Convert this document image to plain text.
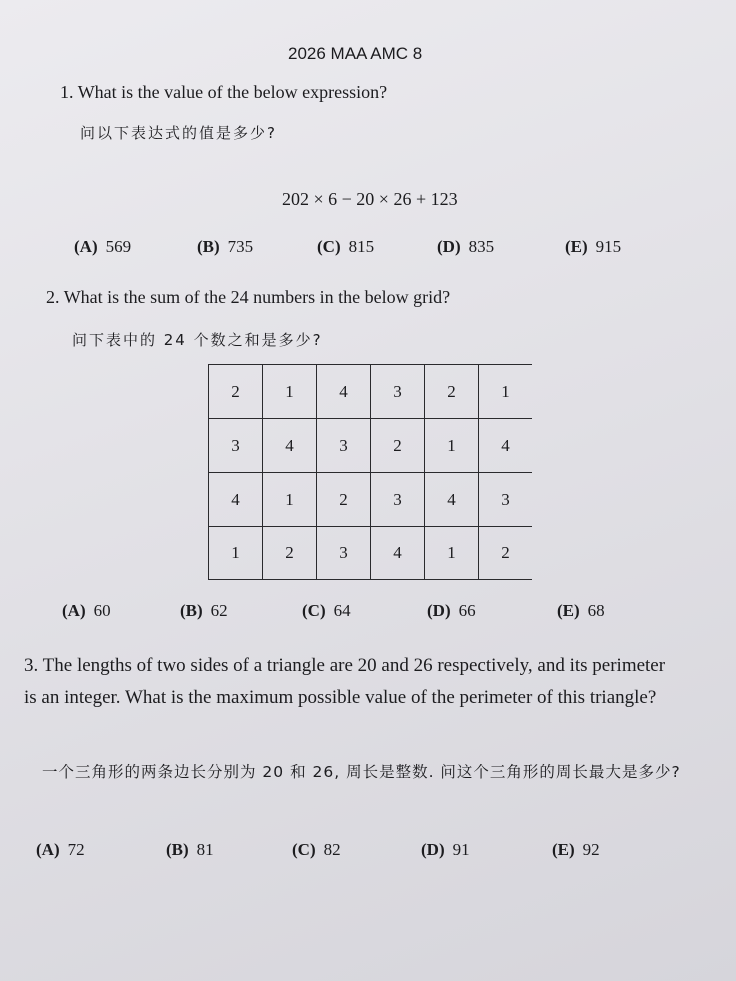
2026 MAA AMC 8
1. What is the value of the below expression?
问以下表达式的值是多少?
202 × 6 − 20 × 26 + 123
(A) 569	(B) 735	(C) 815	(D) 835	(E) 915
2. What is the sum of the 24 numbers in the below grid?
问下表中的 24 个数之和是多少?
2	1	4	3	2	1
3	4	3	2	1	4
4	1	2	3	4	3
1	2	3	4	1	2
(A) 60	(B) 62	(C) 64	(D) 66	(E) 68
3. The lengths of two sides of a triangle are 20 and 26 respectively, and its perimeter is an integer. What is the maximum possible value of the perimeter of this triangle?
一个三角形的两条边长分别为 20 和 26, 周长是整数. 问这个三角形的周长最大是多少?
(A) 72	(B) 81	(C) 82	(D) 91	(E) 92
